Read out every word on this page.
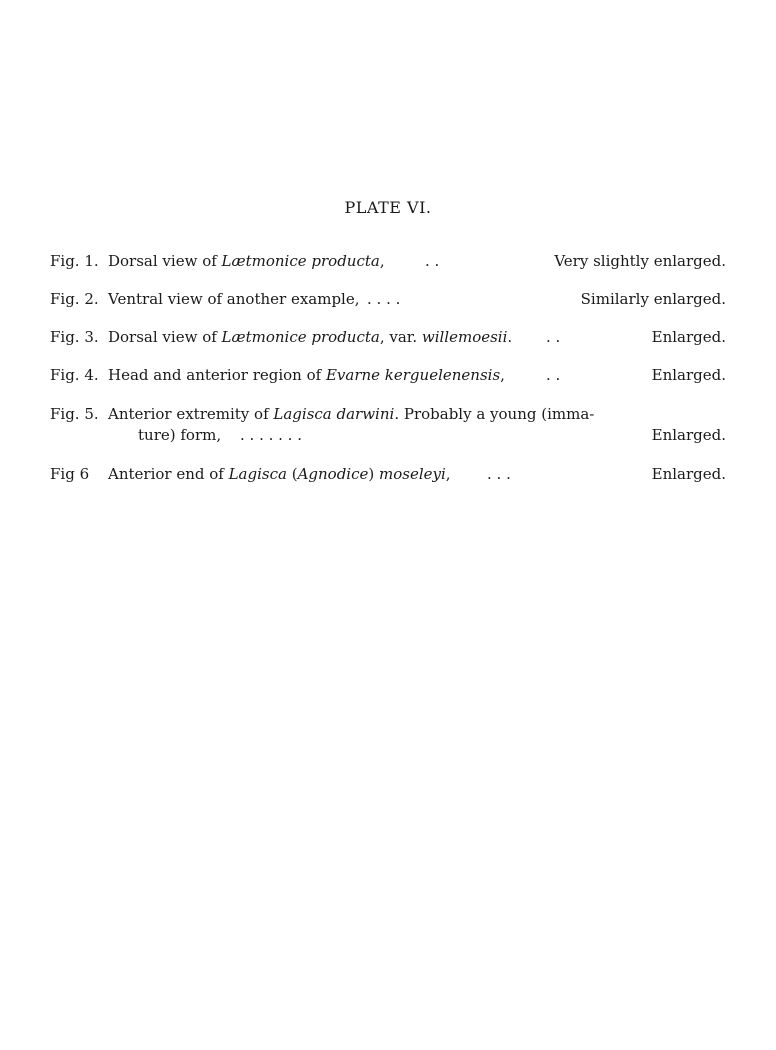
PLATE VI.
Fig. 1. Dorsal view of Lætmonice producta,	. .	Very slightly enlarged.
Fig. 2. Ventral view of another example, . . . .	Similarly enlarged.
Fig. 3. Dorsal view of Lætmonice producta, var. willemoesii. . .	Enlarged.
Fig. 4. Head and anterior region of Evarne kerguelenensis,	. .	Enlarged.
Fig. 5. Anterior extremity of Lagisca darwini. Probably a young (imma-
ture) form, . . . . . . .	Enlarged.
Fig 6 Anterior end of Lagisca (Agnodice) moseleyi, . . .	Enlarged.
